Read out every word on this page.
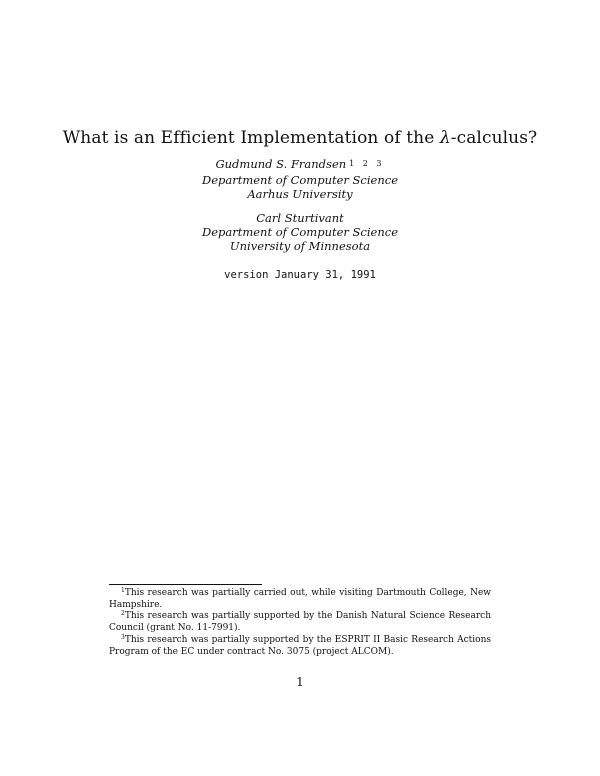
What is an Efficient Implementation of the λ-calculus?
Gudmund S. Frandsen $^{1 2 3}$
Department of Computer Science
Aarhus University
Carl Sturtivant
Department of Computer Science
University of Minnesota
version January 31, 1991

$^1$This research was partially carried out, while visiting Dartmouth College, New Hampshire.

$^2$This research was partially supported by the Danish Natural Science Research Council (grant No. 11-7991).

$^3$This research was partially supported by the ESPRIT II Basic Research Actions Program of the EC under contract No. 3075 (project ALCOM).

1
